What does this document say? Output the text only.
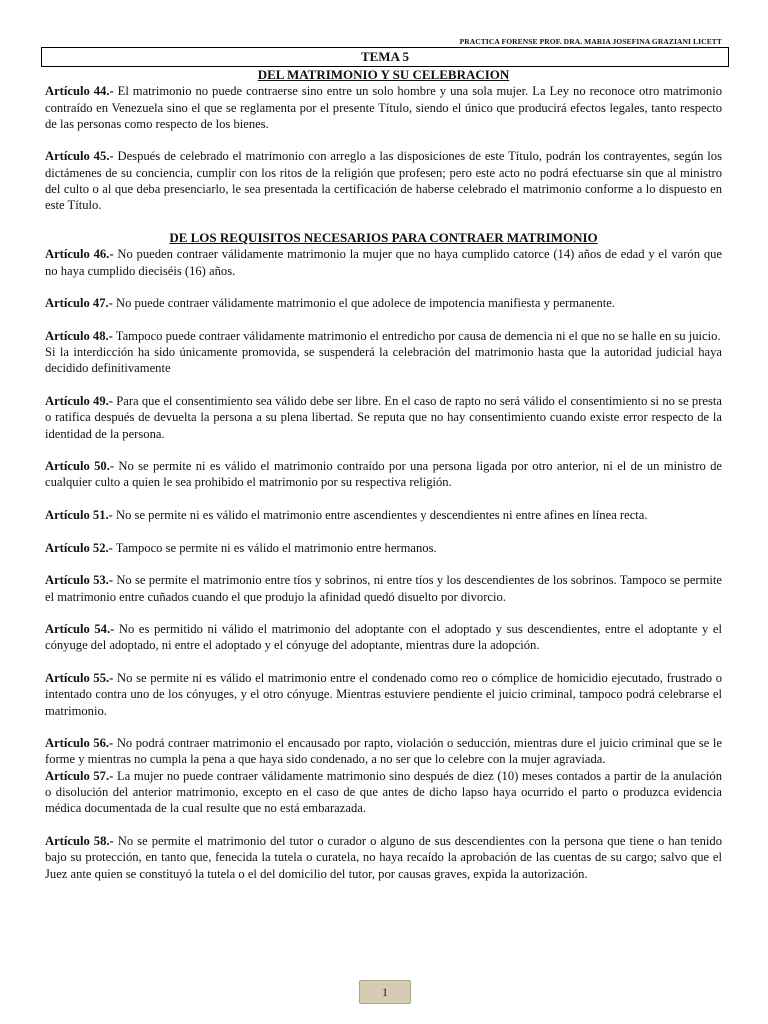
PRACTICA FORENSE PROF. DRA. MARIA JOSEFINA GRAZIANI LICETT
TEMA 5
DEL MATRIMONIO Y SU CELEBRACION

Artículo 44.- El matrimonio no puede contraerse sino entre un solo hombre y una sola mujer. La Ley no reconoce otro matrimonio contraído en Venezuela sino el que se reglamenta por el presente Título, siendo el único que producirá efectos legales, tanto respecto de las personas como respecto de los bienes.

Artículo 45.- Después de celebrado el matrimonio con arreglo a las disposiciones de este Título, podrán los contrayentes, según los dictámenes de su conciencia, cumplir con los ritos de la religión que profesen; pero este acto no podrá efectuarse sin que al ministro del culto o al que deba presenciarlo, le sea presentada la certificación de haberse celebrado el matrimonio conforme a lo dispuesto en este Título.

DE LOS REQUISITOS NECESARIOS PARA CONTRAER MATRIMONIO

Artículo 46.- No pueden contraer válidamente matrimonio la mujer que no haya cumplido catorce (14) años de edad y el varón que no haya cumplido dieciséis (16) años.

Artículo 47.- No puede contraer válidamente matrimonio el que adolece de impotencia manifiesta y permanente.

Artículo 48.- Tampoco puede contraer válidamente matrimonio el entredicho por causa de demencia ni el que no se halle en su juicio.
Si la interdicción ha sido únicamente promovida, se suspenderá la celebración del matrimonio hasta que la autoridad judicial haya decidido definitivamente

Artículo 49.- Para que el consentimiento sea válido debe ser libre. En el caso de rapto no será válido el consentimiento si no se presta o ratifica después de devuelta la persona a su plena libertad. Se reputa que no hay consentimiento cuando existe error respecto de la identidad de la persona.

Artículo 50.- No se permite ni es válido el matrimonio contraído por una persona ligada por otro anterior, ni el de un ministro de cualquier culto a quien le sea prohibido el matrimonio por su respectiva religión.

Artículo 51.- No se permite ni es válido el matrimonio entre ascendientes y descendientes ni entre afines en línea recta.

Artículo 52.- Tampoco se permite ni es válido el matrimonio entre hermanos.

Artículo 53.- No se permite el matrimonio entre tíos y sobrinos, ni entre tíos y los descendientes de los sobrinos. Tampoco se permite el matrimonio entre cuñados cuando el que produjo la afinidad quedó disuelto por divorcio.

Artículo 54.- No es permitido ni válido el matrimonio del adoptante con el adoptado y sus descendientes, entre el adoptante y el cónyuge del adoptado, ni entre el adoptado y el cónyuge del adoptante, mientras dure la adopción.

Artículo 55.- No se permite ni es válido el matrimonio entre el condenado como reo o cómplice de homicidio ejecutado, frustrado o intentado contra uno de los cónyuges, y el otro cónyuge. Mientras estuviere pendiente el juicio criminal, tampoco podrá celebrarse el matrimonio.

Artículo 56.- No podrá contraer matrimonio el encausado por rapto, violación o seducción, mientras dure el juicio criminal que se le forme y mientras no cumpla la pena a que haya sido condenado, a no ser que lo celebre con la mujer agraviada.

Artículo 57.- La mujer no puede contraer válidamente matrimonio sino después de diez (10) meses contados a partir de la anulación o disolución del anterior matrimonio, excepto en el caso de que antes de dicho lapso haya ocurrido el parto o produzca evidencia médica documentada de la cual resulte que no está embarazada.

Artículo 58.- No se permite el matrimonio del tutor o curador o alguno de sus descendientes con la persona que tiene o han tenido bajo su protección, en tanto que, fenecida la tutela o curatela, no haya recaído la aprobación de las cuentas de su cargo; salvo que el Juez ante quien se constituyó la tutela o el del domicilio del tutor, por causas graves, expida la autorización.

1
